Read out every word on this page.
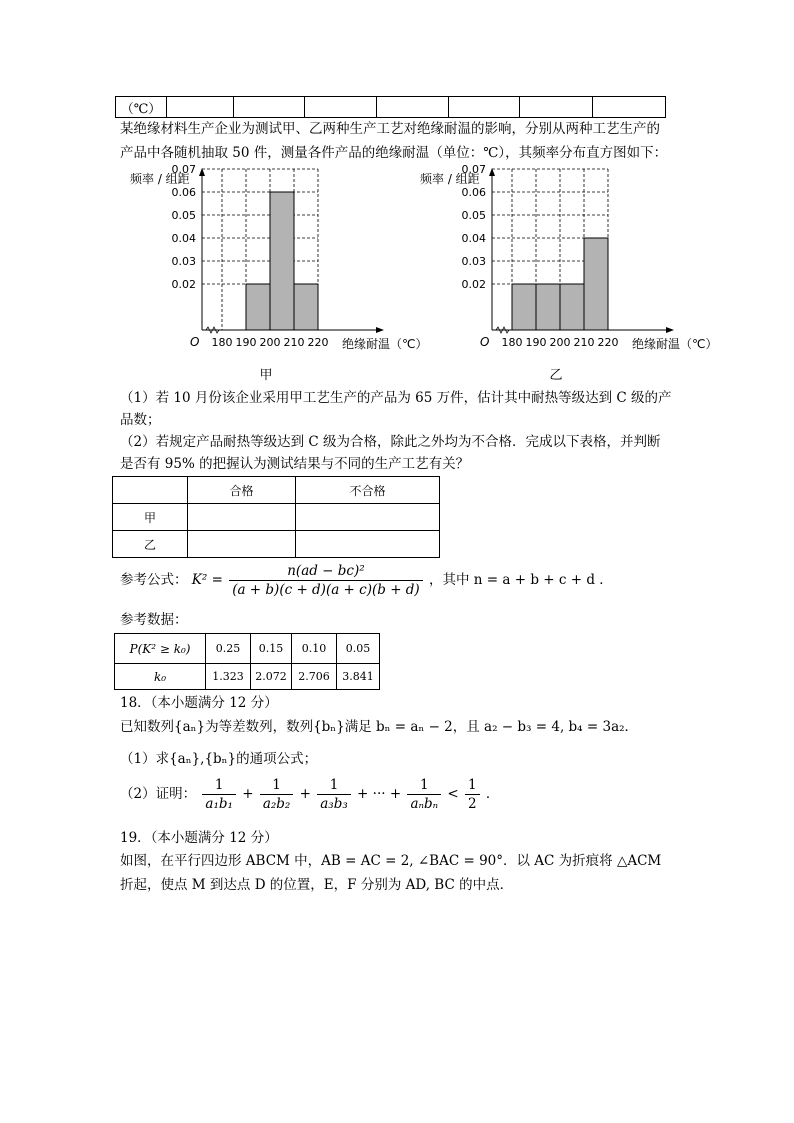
（℃）							
某绝缘材料生产企业为测试甲、乙两种生产工艺对绝缘耐温的影响，分别从两种工艺生产的
产品中各随机抽取 50 件，测量各件产品的绝缘耐温（单位：℃），其频率分布直方图如下：
0.02
0.03
0.04
0.05
0.06
0.07
180 190 200 210 220
O
频率 / 组距
绝缘耐温（℃）
甲
0.02
0.03
0.04
0.05
0.06
0.07
180 190 200 210 220
O
频率 / 组距
绝缘耐温（℃）
乙
（1）若 10 月份该企业采用甲工艺生产的产品为 65 万件，估计其中耐热等级达到 C 级的产
品数；
（2）若规定产品耐热等级达到 C 级为合格，除此之外均为不合格．完成以下表格，并判断
是否有 95% 的把握认为测试结果与不同的生产工艺有关？
	合格	不合格
甲		
乙		
参考公式： $K^2 = \frac{\text{n(ad − bc)²}}{(a + b)(c + d)(a + c)(b + d)}$ ，其中 n = a + b + c + d ．
参考数据：
P(K² ≥ k₀)	0.25	0.15	0.10	0.05
k₀	1.323	2.072	2.706	3.841
18．（本小题满分 12 分）
已知数列{aₙ}为等差数列，数列{bₙ}满足 bₙ = aₙ − 2，且 a₂ − b₃ = 4, b₄ = 3a₂．
（1）求{aₙ},{bₙ}的通项公式；
（2）证明： $\frac{1}{\text{a₁b₁}} + \frac{1}{\text{a₂b₂}} + \frac{1}{\text{a₃b₃}}$ + ··· + $\frac{1}{\text{aₙbₙ}} < \frac{1}{2}$ ．
19．（本小题满分 12 分）
如图，在平行四边形 ABCM 中，AB = AC = 2, ∠BAC = 90°．以 AC 为折痕将 △ACM
折起，使点 M 到达点 D 的位置，E，F 分别为 AD, BC 的中点．
